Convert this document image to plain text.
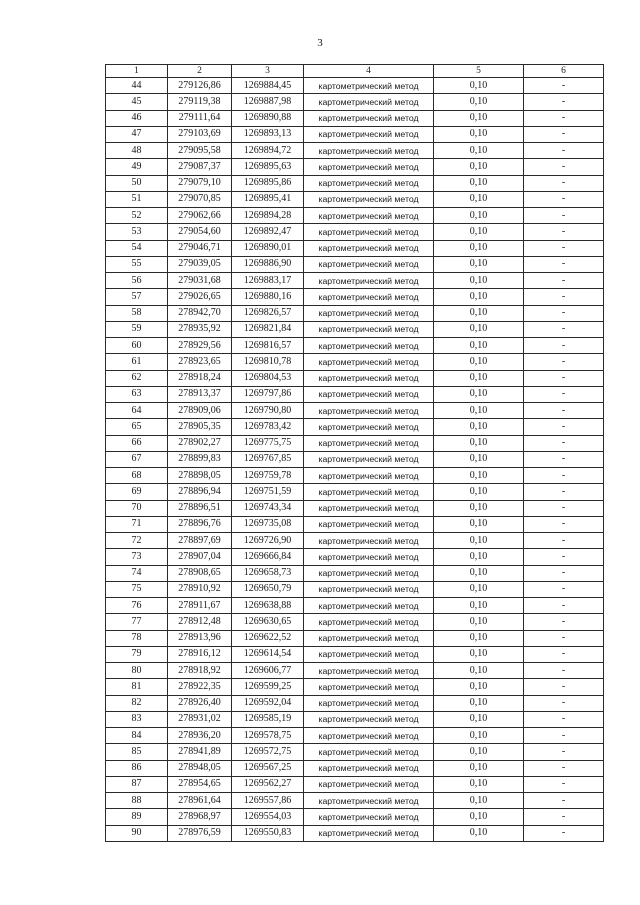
3
1	2	3	4	5	6
44	279126,86	1269884,45	картометрический метод	0,10	-
45	279119,38	1269887,98	картометрический метод	0,10	-
46	279111,64	1269890,88	картометрический метод	0,10	-
47	279103,69	1269893,13	картометрический метод	0,10	-
48	279095,58	1269894,72	картометрический метод	0,10	-
49	279087,37	1269895,63	картометрический метод	0,10	-
50	279079,10	1269895,86	картометрический метод	0,10	-
51	279070,85	1269895,41	картометрический метод	0,10	-
52	279062,66	1269894,28	картометрический метод	0,10	-
53	279054,60	1269892,47	картометрический метод	0,10	-
54	279046,71	1269890,01	картометрический метод	0,10	-
55	279039,05	1269886,90	картометрический метод	0,10	-
56	279031,68	1269883,17	картометрический метод	0,10	-
57	279026,65	1269880,16	картометрический метод	0,10	-
58	278942,70	1269826,57	картометрический метод	0,10	-
59	278935,92	1269821,84	картометрический метод	0,10	-
60	278929,56	1269816,57	картометрический метод	0,10	-
61	278923,65	1269810,78	картометрический метод	0,10	-
62	278918,24	1269804,53	картометрический метод	0,10	-
63	278913,37	1269797,86	картометрический метод	0,10	-
64	278909,06	1269790,80	картометрический метод	0,10	-
65	278905,35	1269783,42	картометрический метод	0,10	-
66	278902,27	1269775,75	картометрический метод	0,10	-
67	278899,83	1269767,85	картометрический метод	0,10	-
68	278898,05	1269759,78	картометрический метод	0,10	-
69	278896,94	1269751,59	картометрический метод	0,10	-
70	278896,51	1269743,34	картометрический метод	0,10	-
71	278896,76	1269735,08	картометрический метод	0,10	-
72	278897,69	1269726,90	картометрический метод	0,10	-
73	278907,04	1269666,84	картометрический метод	0,10	-
74	278908,65	1269658,73	картометрический метод	0,10	-
75	278910,92	1269650,79	картометрический метод	0,10	-
76	278911,67	1269638,88	картометрический метод	0,10	-
77	278912,48	1269630,65	картометрический метод	0,10	-
78	278913,96	1269622,52	картометрический метод	0,10	-
79	278916,12	1269614,54	картометрический метод	0,10	-
80	278918,92	1269606,77	картометрический метод	0,10	-
81	278922,35	1269599,25	картометрический метод	0,10	-
82	278926,40	1269592,04	картометрический метод	0,10	-
83	278931,02	1269585,19	картометрический метод	0,10	-
84	278936,20	1269578,75	картометрический метод	0,10	-
85	278941,89	1269572,75	картометрический метод	0,10	-
86	278948,05	1269567,25	картометрический метод	0,10	-
87	278954,65	1269562,27	картометрический метод	0,10	-
88	278961,64	1269557,86	картометрический метод	0,10	-
89	278968,97	1269554,03	картометрический метод	0,10	-
90	278976,59	1269550,83	картометрический метод	0,10	-
